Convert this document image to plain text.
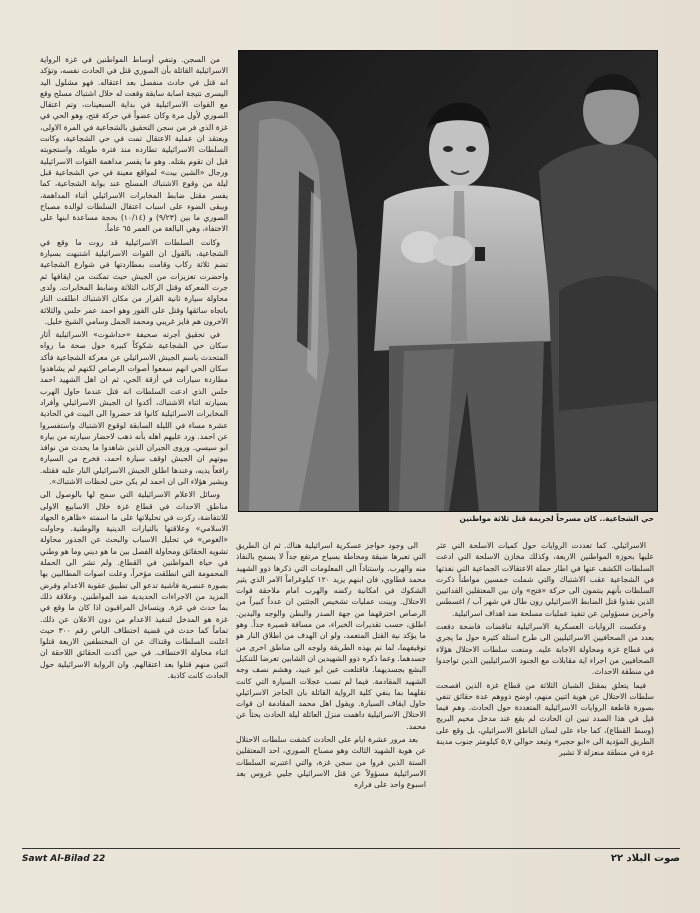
من السجن. وتنفي أوساط المواطنين في غزة الرواية الاسرائيلية القائلة بأن الصوري قتل في الحادث نفسه، وتؤكد انه قتل في حادث منفصل بعد اعتقاله. فهو مشلول اليد اليسرى نتيجة اصابة سابقة وقعت له خلال اشتباك مسلح وقع مع القوات الاسرائيلية في بداية السبعينات، وتم اعتقال الصوري لأول مرة وكان عضواً في حركة فتح، وهو الحي في غزة الذي فر من سجن التحقيق بالشجاعية في المرة الاولى، ويعتقد ان عملية الاعتقال تمت في حي الشجاعية، وكانت السلطات الاسرائيلية تطارده منذ فترة طويلة. واستجوبته قبل ان تقوم بقتله. وهو ما يفسر مداهمة القوات الاسرائيلية ورجال «الشين بيت» لمواقع معينة في حي الشجاعية قبل ليلة من وقوع الاشتباك المسلح عند بوابة الشجاعية، كما يفسر مقتل ضابط المخابرات الاسرائيلي أثناء المداهمة، ويبقى الضوء على اسباب اعتقال السلطات لوالدة مصباح الصوري ما بين (٩/٢٣) و (١٠/١٤) بحجة مساعدة ابنها على الاختفاء، وهي البالغة من العمر ٦٥ عاماً.

وكانت السلطات الاسرائيلية قد روت ما وقع في الشجاعية، بالقول ان القوات الاسرائيلية اشتبهت بسيارة تضم ثلاثة ركاب وقامت بمطاردتها في شوارع الشجاعية واحضرت تعزيزات من الجيش حيث تمكنت من ايقافها ثم جرت المعركة وقتل الركاب الثلاثة وضابط المخابرات. ولدى محاولة سيارة ثانية الفرار من مكان الاشتباك اطلقت النار باتجاه سائقها وقتل على الفور وهو احمد عمر حلس والثلاثة الآخرون هم فايز غريبي ومحمد الجمل وسامي الشيخ خليل.

في تحقيق أجرته صحيفة «حداشوت» الاسرائيلية أثار سكان حي الشجاعية شكوكاً كبيرة حول صحة ما رواه المتحدث باسم الجيش الاسرائيلي عن معركة الشجاعية فأكد سكان الحي انهم سمعوا أصوات الرصاص لكنهم لم يشاهدوا مطاردة سيارات في أزقة الحي، ثم ان اهل الشهيد احمد حلس الذي ادعت السلطات انه قتل عندما حاول الهرب بسيارته اثناء الاشتباك، أكدوا ان الجيش الاسرائيلي وأفراد المخابرات الاسرائيلية كانوا قد حضروا الى البيت في الحادية عشرة مساء في الليلة السابقة لوقوع الاشتباك واستفسروا عن احمد. ورد عليهم اهله بأنه ذهب لاحضار سيارته من بيارة ابو سيسي. وروى الجيران الذين شاهدوا ما يحدث من نوافذ بيوتهم ان الجيش اوقف سيارة احمد، فخرج من السيارة رافعاً يديه، وعندها اطلق الجيش الاسرائيلي النار عليه فقتله. ويشير هؤلاء الى ان احمد لم يكن حتى لحظات الاشتباك».

وسائل الاعلام الاسرائيلية التي سمح لها بالوصول الى مناطق الاحداث في قطاع غزة خلال الاسابيع الاولى للانتفاضة، ركزت في تحليلاتها على ما اسمته «ظاهرة الجهاد الاسلامي» وعلاقتها بالتيارات الدينية والوطنية. وحاولت «الغوص» في تحليل الاسباب والبحث عن الجذور محاولة تشويه الحقائق ومحاولة الفصل بين ما هو ديني وما هو وطني في حياة المواطنين في القطاع. ولم تشر الى الحملة المحمومة التي انطلقت مؤخراً، وعلت اصوات المطالبين بها بصورة عنصرية فاشية تدعو الى تطبيق عقوبة الاعدام وفرض المزيد من الاجراءات الحديدية ضد المواطنين. وعلاقة ذلك بما حدث في غزة. ويتساءل المراقبون اذا كان ما وقع في غزة هو المدخل لتنفيذ الاعدام من دون الاعلان عن ذلك. تماماً كما حدث في قضية اختطاف الباص رقم ٣٠٠ حيث اعلنت السلطات وقتذاك عن ان المختطفين الاربعة قتلوا اثناء محاولة الاختطاف. في حين أكدت الحقائق اللاحقة ان اثنين منهم قتلوا بعد اعتقالهم. وان الرواية الاسرائيلية حول الحادث كانت كاذبة.

حي الشجاعية.. كان مسرحاً لجريمة قتل ثلاثة مواطنين

الاسرائيلي. كما تعددت الروايات حول كميات الاسلحة التي عثر عليها بحوزة المواطنين الاربعة، وكذلك مخازن الاسلحة التي ادعت السلطات الكشف عنها في اطار حملة الاعتقالات الجماعية التي نفذتها في الشجاعية عقب الاشتباك والتي شملت خمسين مواطناً ذكرت السلطات بأنهم ينتمون الى حركة «فتح» وان بين المعتقلين الفدائيين الذين نفذوا قتل الضابط الاسرائيلي رون طال في شهر آب / اغسطس وآخرين مسؤولين عن تنفيذ عمليات مسلحة ضد اهداف اسرائيلية.

وعكست الروايات العسكرية الاسرائيلية تناقضات فاضحة دفعت بعدد من الصحافيين الاسرائيليين الى طرح اسئلة كثيرة حول ما يجري في قطاع غزة ومحاولة الاجابة عليه. ومنعت سلطات الاحتلال هؤلاء الصحافيين من اجراء اية مقابلات مع الجنود الاسرائيليين الذين تواجدوا في منطقة الاحداث.

فيما يتعلق بمقتل الشبان الثلاثة من قطاع غزة الذين افصحت سلطات الاحتلال عن هوية اثنين منهم، اوضح ذووهم عدة حقائق تنفي بصورة قاطعة الروايات الاسرائيلية المتعددة حول الحادث. وهم فيما قيل في هذا الصدد تبين ان الحادث لم يقع عند مدخل مخيم البريج (وسط القطاع)، كما جاء على لسان الناطق الاسرائيلي، بل وقع على الطريق المؤدية الى «ابو حجير» وتبعد حوالي ٥,٧ كيلومتر جنوب مدينة غزة في منطقة منعزلة لا تشير

الى وجود حواجز عسكرية اسرائيلية هناك. ثم ان الطريق التي تعبرها ضيقة ومحاطة بسياج مرتفع جداً لا يسمح بالنفاذ منه والهرب. واستناداً الى المعلومات التي ذكرها ذوو الشهيد محمد قطاوي، فان ابنهم يزيد ١٢٠ كيلوغراماً الامر الذي يثير الشكوك في امكانية ركضه والهرب امام ملاحقة قوات الاحتلال. وبينت عمليات تشخيص الجثتين ان عدداً كبيراً من الرصاص اخترقهما من جهة الصدر والبطن والوجه واليدين. اطلق، حسب تقديرات الخبراء، من مسافة قصيرة جداً. وهو ما يؤكد نية القتل المتعمد، ولو ان الهدف من اطلاق النار هو توقيفهما، لما تم بهذه الطريقة ولوجه الى مناطق اخرى من جسدهما. وعما ذكره ذوو الشهيدين ان الشابين تعرضا للتنكيل البشع بجسديهما. فاقتلعت عين ابو عبيد، وهشم نصف وجه الشهيد المقادمة. فيما لم تصب عجلات السيارة التي كانت تقلهما بما ينفي كلية الرواية القائلة بان الحاجز الاسرائيلي حاول ايقاف السيارة. ويقول اهل محمد المقادمة ان قوات الاحتلال الاسرائيلية داهمت منزل العائلة ليلة الحادث بحثاً عن محمد.

بعد مرور عشرة ايام على الحادث كشفت سلطات الاحتلال عن هوية الشهيد الثالث وهو مصباح الصوري، احد المعتقلين الستة الذين فروا من سجن غزة، والتي اعتبرته السلطات الاسرائيلية مسؤولاً عن قتل الاسرائيلي جليي غروس بعد اسبوع واحد على فراره

Sawt Al-Bilad 22	صوت البلاد ٢٢
